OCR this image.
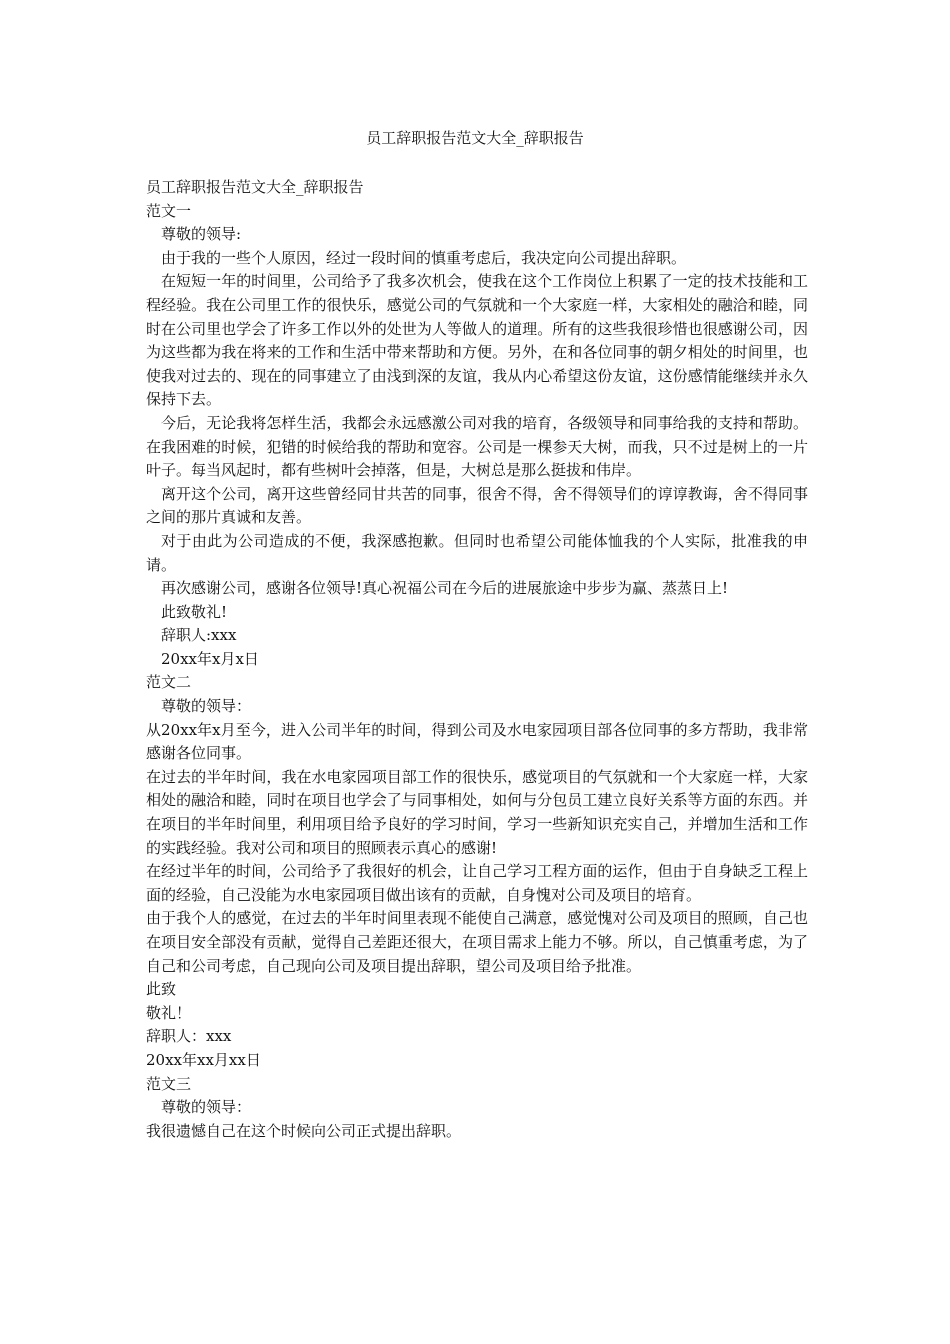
员工辞职报告范文大全_辞职报告

员工辞职报告范文大全_辞职报告

范文一

尊敬的领导:

由于我的一些个人原因，经过一段时间的慎重考虑后，我决定向公司提出辞职。

在短短一年的时间里，公司给予了我多次机会，使我在这个工作岗位上积累了一定的技术技能和工程经验。我在公司里工作的很快乐，感觉公司的气氛就和一个大家庭一样，大家相处的融洽和睦，同时在公司里也学会了许多工作以外的处世为人等做人的道理。所有的这些我很珍惜也很感谢公司，因为这些都为我在将来的工作和生活中带来帮助和方便。另外，在和各位同事的朝夕相处的时间里，也使我对过去的、现在的同事建立了由浅到深的友谊，我从内心希望这份友谊，这份感情能继续并永久保持下去。

今后，无论我将怎样生活，我都会永远感激公司对我的培育，各级领导和同事给我的支持和帮助。在我困难的时候，犯错的时候给我的帮助和宽容。公司是一棵参天大树，而我，只不过是树上的一片叶子。每当风起时，都有些树叶会掉落，但是，大树总是那么挺拔和伟岸。

离开这个公司，离开这些曾经同甘共苦的同事，很舍不得，舍不得领导们的谆谆教诲，舍不得同事之间的那片真诚和友善。

对于由此为公司造成的不便，我深感抱歉。但同时也希望公司能体恤我的个人实际，批准我的申请。

再次感谢公司，感谢各位领导!真心祝福公司在今后的进展旅途中步步为赢、蒸蒸日上!

此致敬礼!

辞职人:xxx

20xx年x月x日

范文二

尊敬的领导：

从20xx年x月至今，进入公司半年的时间，得到公司及水电家园项目部各位同事的多方帮助，我非常感谢各位同事。

在过去的半年时间，我在水电家园项目部工作的很快乐，感觉项目的气氛就和一个大家庭一样，大家相处的融洽和睦，同时在项目也学会了与同事相处，如何与分包员工建立良好关系等方面的东西。并在项目的半年时间里，利用项目给予良好的学习时间，学习一些新知识充实自己，并增加生活和工作的实践经验。我对公司和项目的照顾表示真心的感谢!

在经过半年的时间，公司给予了我很好的机会，让自己学习工程方面的运作，但由于自身缺乏工程上面的经验，自己没能为水电家园项目做出该有的贡献，自身愧对公司及项目的培育。

由于我个人的感觉，在过去的半年时间里表现不能使自己满意，感觉愧对公司及项目的照顾，自己也在项目安全部没有贡献，觉得自己差距还很大，在项目需求上能力不够。所以，自己慎重考虑，为了自己和公司考虑，自己现向公司及项目提出辞职，望公司及项目给予批准。

此致

敬礼！

辞职人：xxx

20xx年xx月xx日

范文三

尊敬的领导：

我很遗憾自己在这个时候向公司正式提出辞职。
